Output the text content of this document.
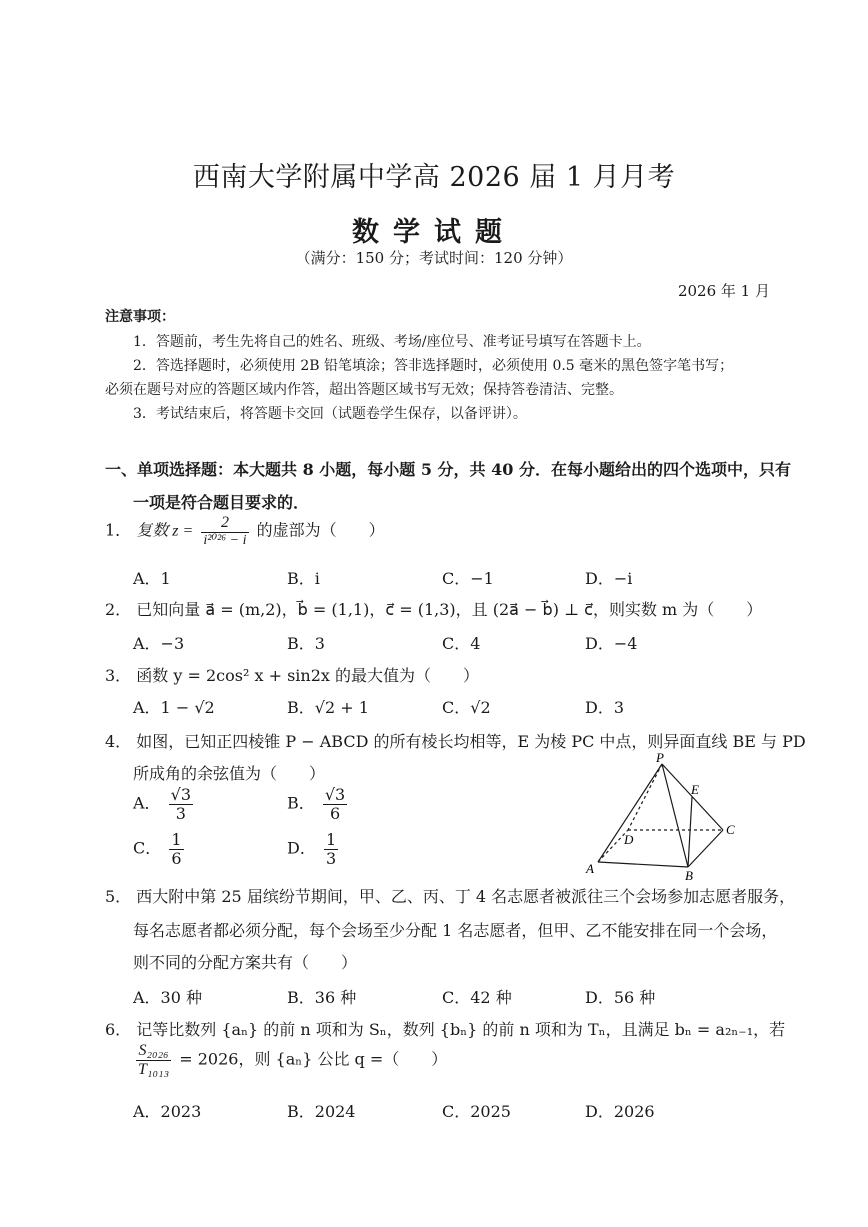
西南大学附属中学高 2026 届 1 月月考
数学试题
（满分：150 分；考试时间：120 分钟）
2026 年 1 月
注意事项：
1．答题前，考生先将自己的姓名、班级、考场/座位号、准考证号填写在答题卡上。
2．答选择题时，必须使用 2B 铅笔填涂；答非选择题时，必须使用 0.5 毫米的黑色签字笔书写；
必须在题号对应的答题区域内作答，超出答题区域书写无效；保持答卷清洁、完整。
3．考试结束后，将答题卡交回（试题卷学生保存，以备评讲）。
一、单项选择题：本大题共 8 小题，每小题 5 分，共 40 分．在每小题给出的四个选项中，只有
一项是符合题目要求的．
1． 复数 $z = \frac{2}{\text{i²⁰²⁶ − i}}$ 的虚部为（　　）
A．1	B．i	C．−1	D．−i
2． 已知向量 a⃗ = (m,2)，b⃗ = (1,1)，c⃗ = (1,3)，且 (2a⃗ − b⃗) ⊥ c⃗，则实数 m 为（　　）
A．−3	B．3	C．4	D．−4
3． 函数 y = 2cos² x + sin2x 的最大值为（　　）
A．1 − √2	B．√2 + 1	C．√2	D．3
4． 如图，已知正四棱锥 P − ABCD 的所有棱长均相等，E 为棱 PC 中点，则异面直线 BE 与 PD
所成角的余弦值为（　　）
A． $\frac{√3}{3}$	B． $\frac{√3}{6}$
C． $\frac{1}{6}$	D． $\frac{1}{3}$
P
E
D
C
A	B
5． 西大附中第 25 届缤纷节期间，甲、乙、丙、丁 4 名志愿者被派往三个会场参加志愿者服务，
每名志愿者都必须分配，每个会场至少分配 1 名志愿者，但甲、乙不能安排在同一个会场，
则不同的分配方案共有（　　）
A．30 种	B．36 种	C．42 种	D．56 种
6． 记等比数列 {aₙ} 的前 n 项和为 Sₙ，数列 {bₙ} 的前 n 项和为 Tₙ，且满足 bₙ = a₂ₙ₋₁，若
$\frac{\text{S₂₀₂₆}}{\text{T₁₀₁₃}} = 2026$，则 {aₙ} 公比 q =（　　）
A．2023	B．2024	C．2025	D．2026
